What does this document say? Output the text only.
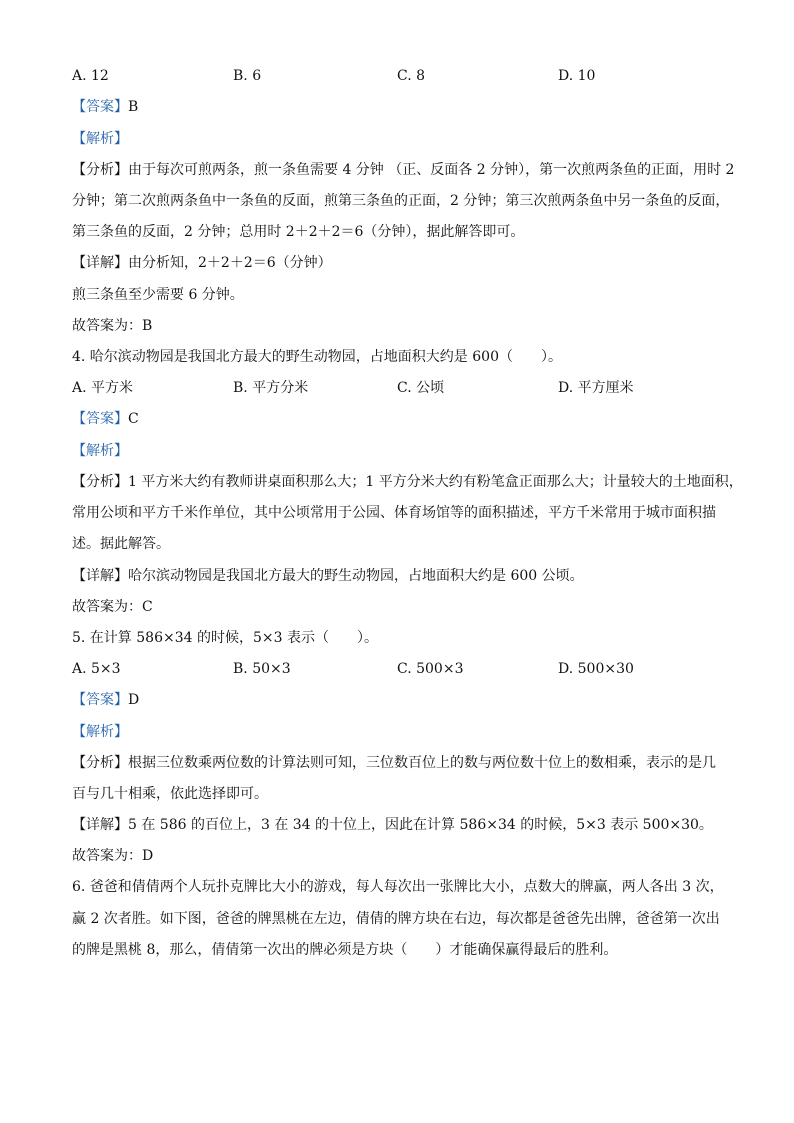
A. 12	B. 6	C. 8	D. 10
【答案】B
【解析】
【分析】由于每次可煎两条，煎一条鱼需要 4 分钟 （正、反面各 2 分钟），第一次煎两条鱼的正面，用时 2
分钟；第二次煎两条鱼中一条鱼的反面，煎第三条鱼的正面，2 分钟；第三次煎两条鱼中另一条鱼的反面，
第三条鱼的反面，2 分钟；总用时 2＋2＋2＝6（分钟），据此解答即可。
【详解】由分析知，2＋2＋2＝6（分钟）
煎三条鱼至少需要 6 分钟。
故答案为：B
4. 哈尔滨动物园是我国北方最大的野生动物园，占地面积大约是 600（　　）。
A. 平方米	B. 平方分米	C. 公顷	D. 平方厘米
【答案】C
【解析】
【分析】1 平方米大约有教师讲桌面积那么大；1 平方分米大约有粉笔盒正面那么大；计量较大的土地面积，
常用公顷和平方千米作单位，其中公顷常用于公园、体育场馆等的面积描述，平方千米常用于城市面积描
述。据此解答。
【详解】哈尔滨动物园是我国北方最大的野生动物园，占地面积大约是 600 公顷。
故答案为：C
5. 在计算 586×34 的时候，5×3 表示（　　）。
A. 5×3	B. 50×3	C. 500×3	D. 500×30
【答案】D
【解析】
【分析】根据三位数乘两位数的计算法则可知，三位数百位上的数与两位数十位上的数相乘，表示的是几
百与几十相乘，依此选择即可。
【详解】5 在 586 的百位上，3 在 34 的十位上，因此在计算 586×34 的时候，5×3 表示 500×30。
故答案为：D
6. 爸爸和倩倩两个人玩扑克牌比大小的游戏，每人每次出一张牌比大小，点数大的牌赢，两人各出 3 次，
赢 2 次者胜。如下图，爸爸的牌黑桃在左边，倩倩的牌方块在右边，每次都是爸爸先出牌，爸爸第一次出
的牌是黑桃 8，那么，倩倩第一次出的牌必须是方块（　　）才能确保赢得最后的胜利。
